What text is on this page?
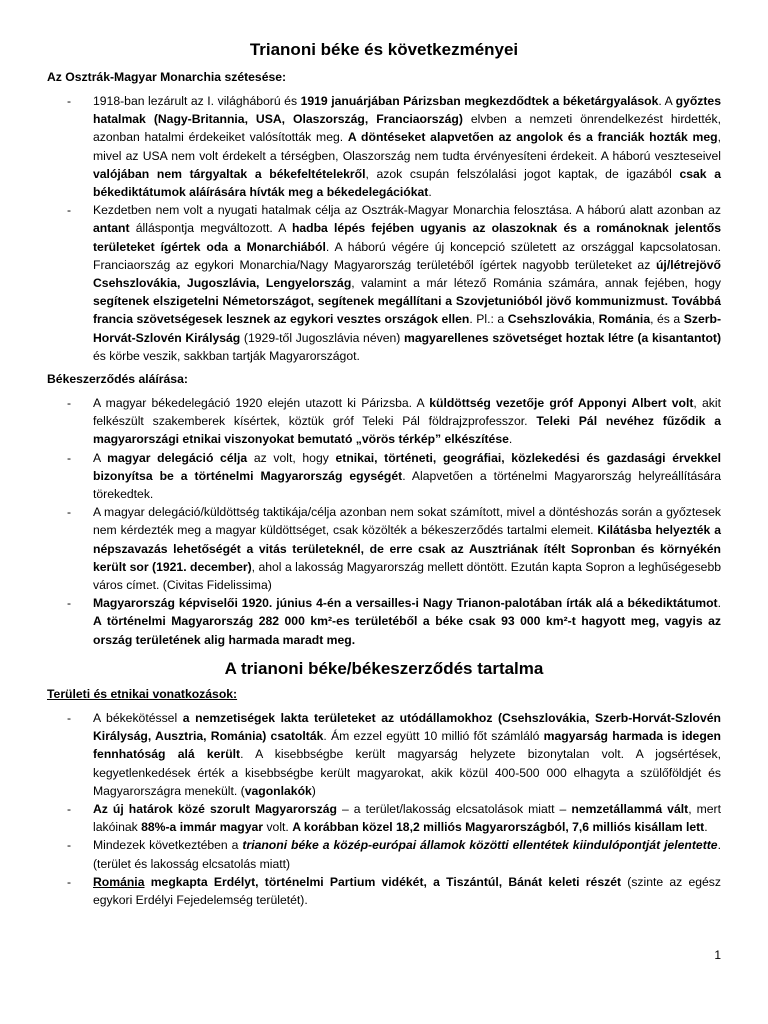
Trianoni béke és következményei
Az Osztrák-Magyar Monarchia szétesése:
- 1918-ban lezárult az I. világháború és 1919 januárjában Párizsban megkezdődtek a béketárgyalások. A győztes hatalmak (Nagy-Britannia, USA, Olaszország, Franciaország) elvben a nemzeti önrendelkezést hirdették, azonban hatalmi érdekeiket valósították meg. A döntéseket alapvetően az angolok és a franciák hozták meg, mivel az USA nem volt érdekelt a térségben, Olaszország nem tudta érvényesíteni érdekeit. A háború veszteseivel valójában nem tárgyaltak a békefeltételekről, azok csupán felszólalási jogot kaptak, de igazából csak a békediktátumok aláírására hívták meg a békedelegációkat.
- Kezdetben nem volt a nyugati hatalmak célja az Osztrák-Magyar Monarchia felosztása. A háború alatt azonban az antant álláspontja megváltozott. A hadba lépés fejében ugyanis az olaszoknak és a románoknak jelentős területeket ígértek oda a Monarchiából. A háború végére új koncepció született az országgal kapcsolatosan. Franciaország az egykori Monarchia/Nagy Magyarország területéből ígértek nagyobb területeket az új/létrejövő Csehszlovákia, Jugoszlávia, Lengyelország, valamint a már létező Románia számára, annak fejében, hogy segítenek elszigetelni Németországot, segítenek megállítani a Szovjetunióból jövő kommunizmust. Továbbá francia szövetségesek lesznek az egykori vesztes országok ellen. Pl.: a Csehszlovákia, Románia, és a Szerb-Horvát-Szlovén Királyság (1929-től Jugoszlávia néven) magyarellenes szövetséget hoztak létre (a kisantantot) és körbe veszik, sakkban tartják Magyarországot.
Békeszerződés aláírása:
- A magyar békedelegáció 1920 elején utazott ki Párizsba. A küldöttség vezetője gróf Apponyi Albert volt, akit felkészült szakemberek kísértek, köztük gróf Teleki Pál földrajzprofesszor. Teleki Pál nevéhez fűződik a magyarországi etnikai viszonyokat bemutató „vörös térkép” elkészítése.
- A magyar delegáció célja az volt, hogy etnikai, történeti, geográfiai, közlekedési és gazdasági érvekkel bizonyítsa be a történelmi Magyarország egységét. Alapvetően a történelmi Magyarország helyreállítására törekedtek.
- A magyar delegáció/küldöttség taktikája/célja azonban nem sokat számított, mivel a döntéshozás során a győztesek nem kérdezték meg a magyar küldöttséget, csak közölték a békeszerződés tartalmi elemeit. Kilátásba helyezték a népszavazás lehetőségét a vitás területeknél, de erre csak az Ausztriának ítélt Sopronban és környékén került sor (1921. december), ahol a lakosság Magyarország mellett döntött. Ezután kapta Sopron a leghűségesebb város címet. (Civitas Fidelissima)
- Magyarország képviselői 1920. június 4-én a versailles-i Nagy Trianon-palotában írták alá a békediktátumot. A történelmi Magyarország 282 000 km²-es területéből a béke csak 93 000 km²-t hagyott meg, vagyis az ország területének alig harmada maradt meg.
A trianoni béke/békeszerződés tartalma
Területi és etnikai vonatkozások:
- A békekötéssel a nemzetiségek lakta területeket az utódállamokhoz (Csehszlovákia, Szerb-Horvát-Szlovén Királyság, Ausztria, Románia) csatolták. Ám ezzel együtt 10 millió főt számláló magyarság harmada is idegen fennhatóság alá került. A kisebbségbe került magyarság helyzete bizonytalan volt. A jogsértések, kegyetlenkedések érték a kisebbségbe került magyarokat, akik közül 400-500 000 elhagyta a szülőföldjét és Magyarországra menekült. (vagonlakók)
- Az új határok közé szorult Magyarország – a terület/lakosság elcsatolások miatt – nemzetállammá vált, mert lakóinak 88%-a immár magyar volt. A korábban közel 18,2 milliós Magyarországból, 7,6 milliós kisállam lett.
- Mindezek következtében a trianoni béke a közép-európai államok közötti ellentétek kiindulópontját jelentette. (terület és lakosság elcsatolás miatt)
- Románia megkapta Erdélyt, történelmi Partium vidékét, a Tiszántúl, Bánát keleti részét (szinte az egész egykori Erdélyi Fejedelemség területét).
1
